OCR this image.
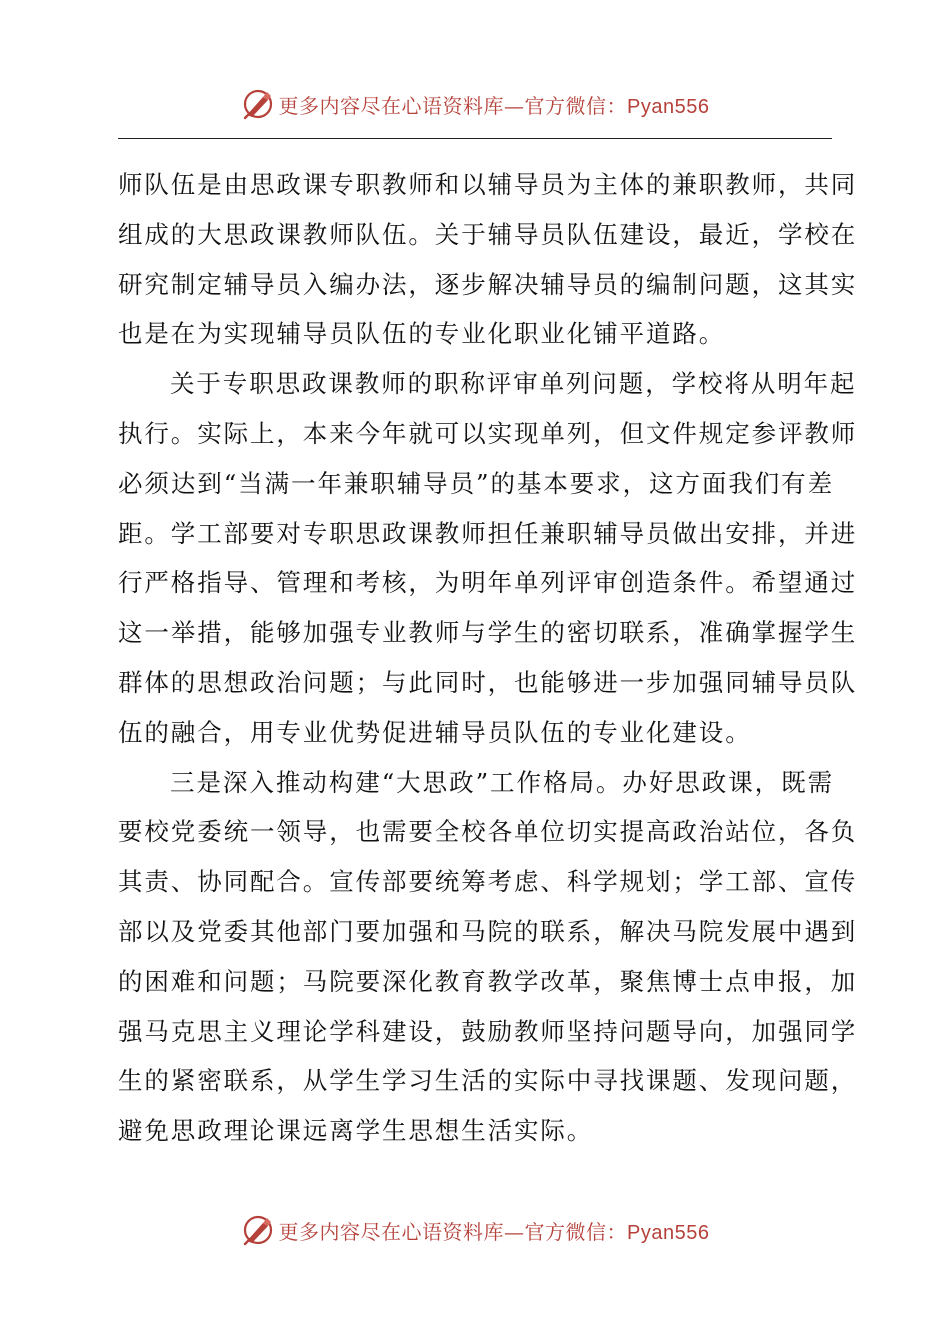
更多内容尽在心语资料库—官方微信：Pyan556
师队伍是由思政课专职教师和以辅导员为主体的兼职教师，共同
组成的大思政课教师队伍。关于辅导员队伍建设，最近，学校在
研究制定辅导员入编办法，逐步解决辅导员的编制问题，这其实
也是在为实现辅导员队伍的专业化职业化铺平道路。
关于专职思政课教师的职称评审单列问题，学校将从明年起
执行。实际上，本来今年就可以实现单列，但文件规定参评教师
必须达到“当满一年兼职辅导员”的基本要求，这方面我们有差
距。学工部要对专职思政课教师担任兼职辅导员做出安排，并进
行严格指导、管理和考核，为明年单列评审创造条件。希望通过
这一举措，能够加强专业教师与学生的密切联系，准确掌握学生
群体的思想政治问题；与此同时，也能够进一步加强同辅导员队
伍的融合，用专业优势促进辅导员队伍的专业化建设。
三是深入推动构建“大思政”工作格局。办好思政课，既需
要校党委统一领导，也需要全校各单位切实提高政治站位，各负
其责、协同配合。宣传部要统筹考虑、科学规划；学工部、宣传
部以及党委其他部门要加强和马院的联系，解决马院发展中遇到
的困难和问题；马院要深化教育教学改革，聚焦博士点申报，加
强马克思主义理论学科建设，鼓励教师坚持问题导向，加强同学
生的紧密联系，从学生学习生活的实际中寻找课题、发现问题，
避免思政理论课远离学生思想生活实际。
更多内容尽在心语资料库—官方微信：Pyan556
